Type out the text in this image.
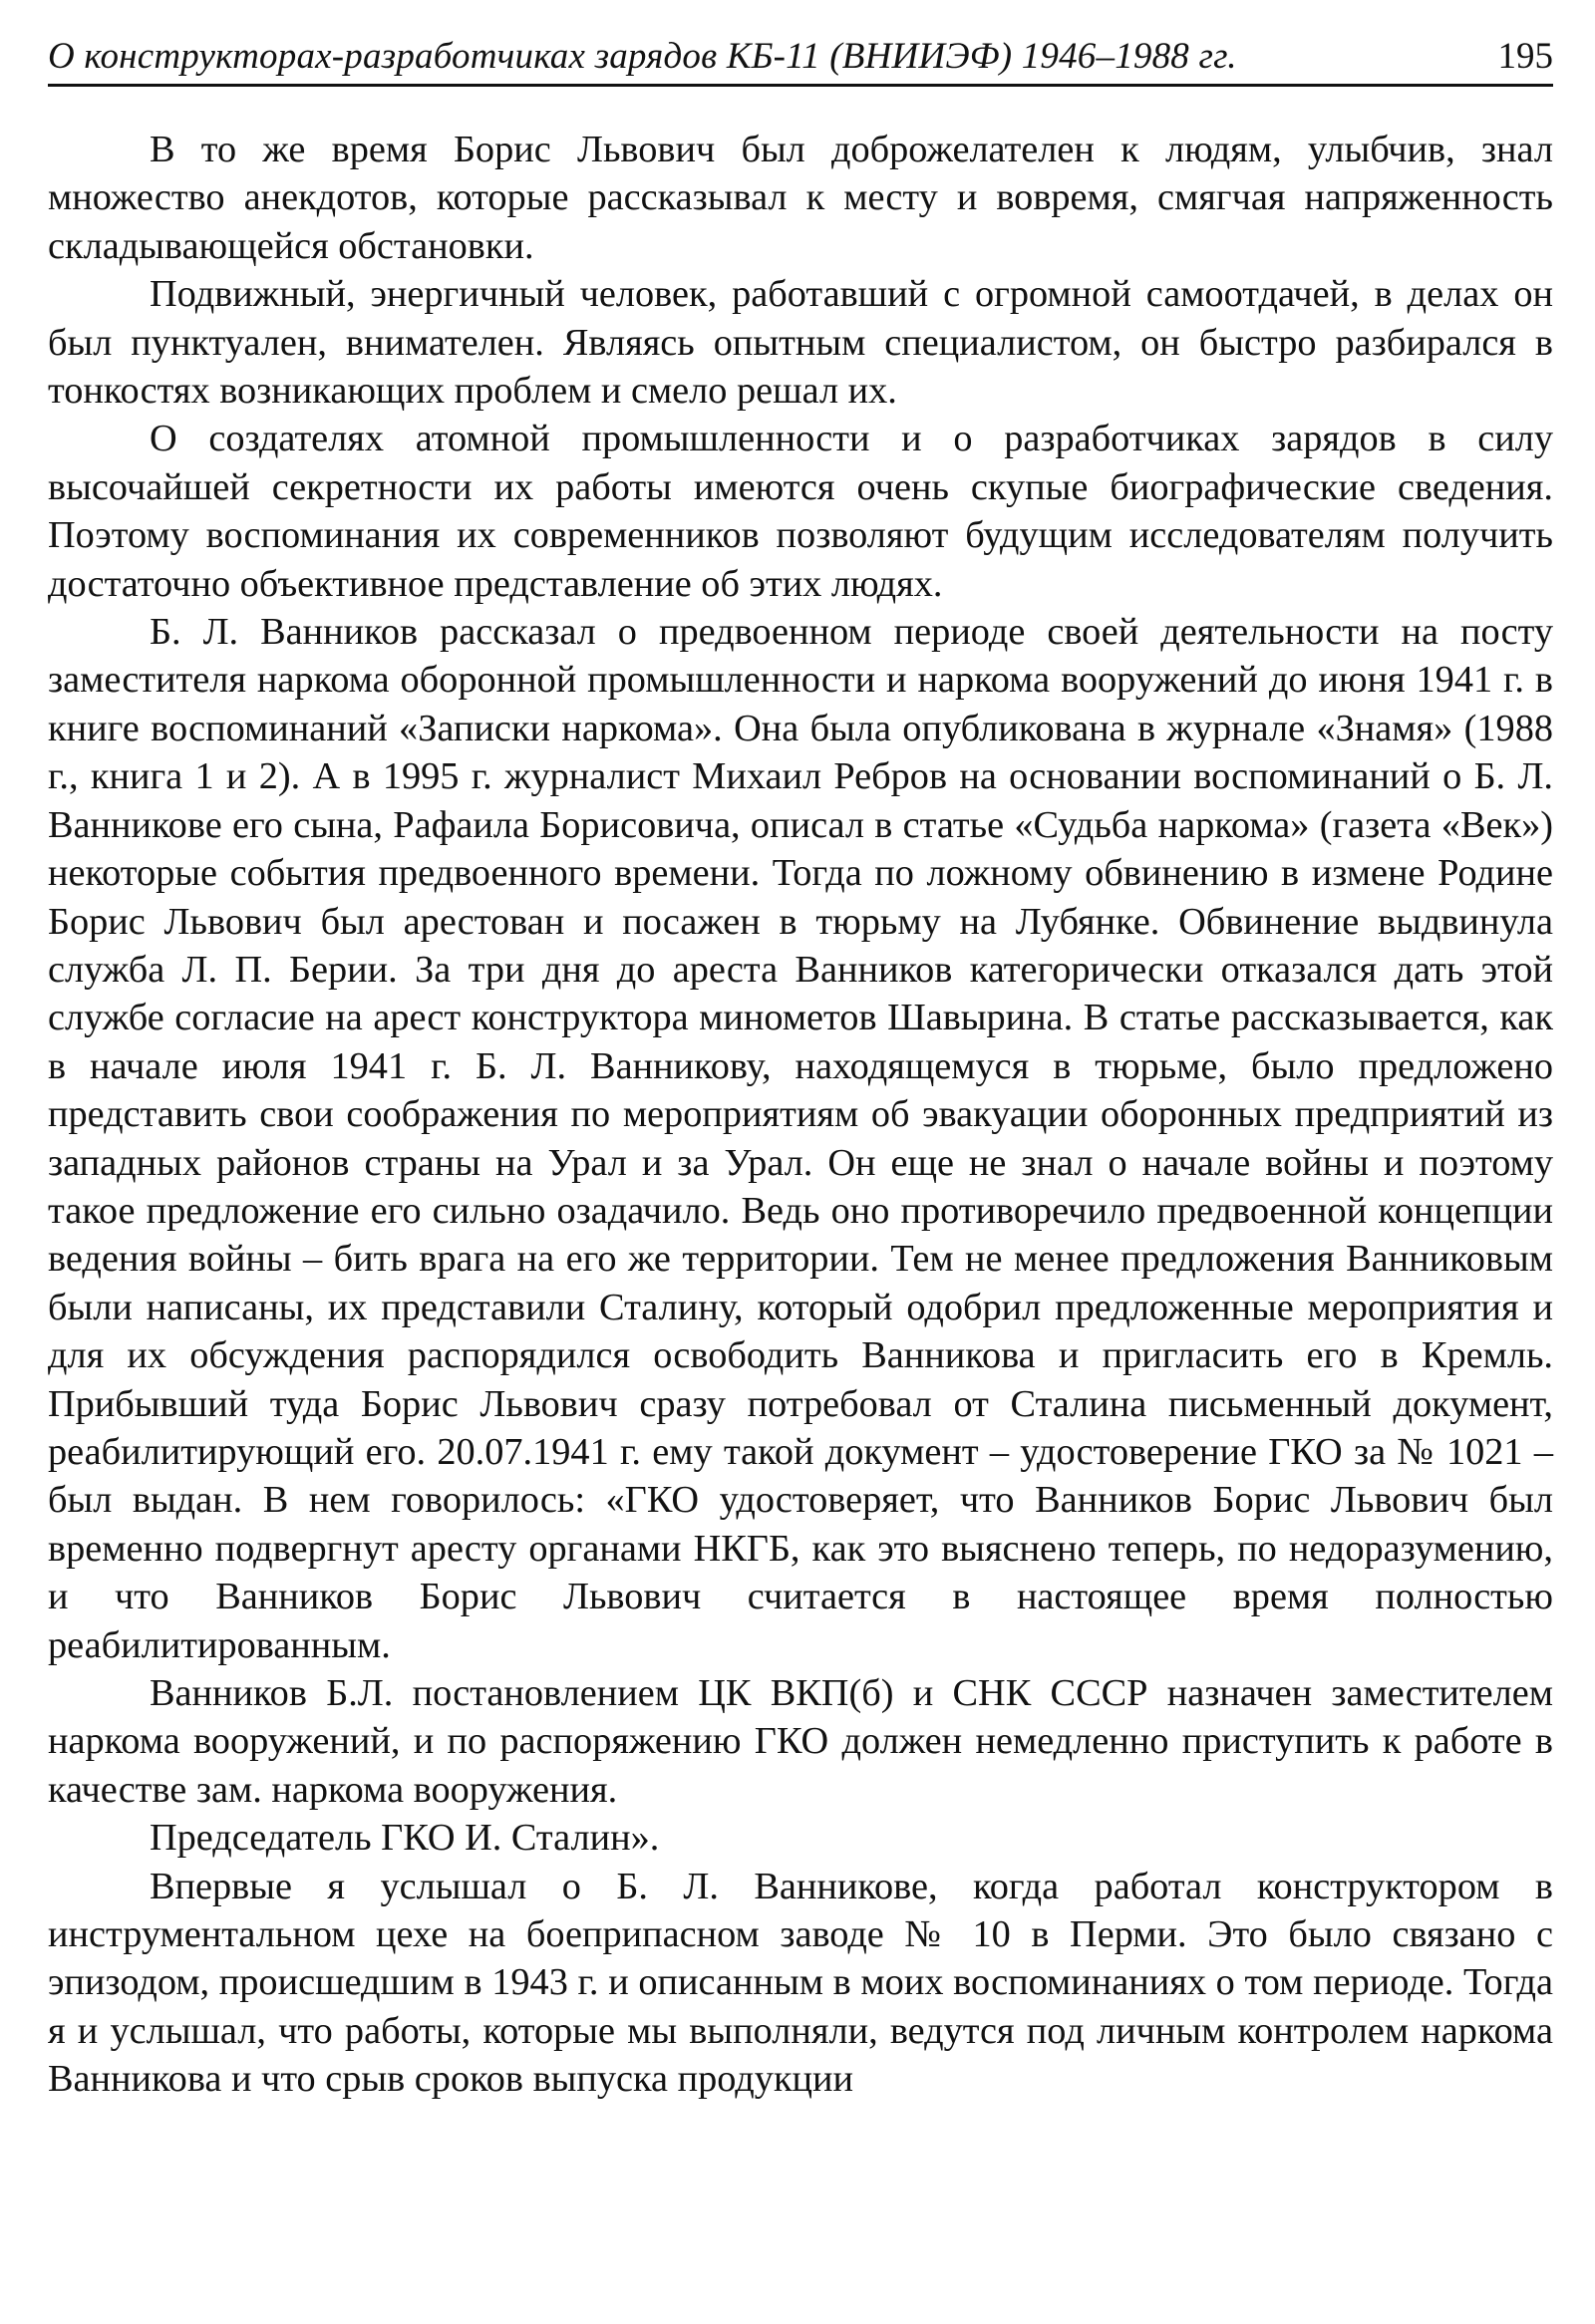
О конструкторах-разработчиках зарядов КБ-11 (ВНИИЭФ) 1946–1988 гг.	195

В то же время Борис Львович был доброжелателен к людям, улыбчив, знал множество анекдотов, которые рассказывал к месту и вовремя, смягчая напряженность складывающейся обстановки.

Подвижный, энергичный человек, работавший с огромной самоотдачей, в делах он был пунктуален, внимателен. Являясь опытным специалистом, он быстро разбирался в тонкостях возникающих проблем и смело решал их.

О создателях атомной промышленности и о разработчиках зарядов в силу высочайшей секретности их работы имеются очень скупые биографические сведения. Поэтому воспоминания их современников позволяют будущим исследователям получить достаточно объективное представление об этих людях.

Б. Л. Ванников рассказал о предвоенном периоде своей деятельности на посту заместителя наркома оборонной промышленности и наркома вооружений до июня 1941 г. в книге воспоминаний «Записки наркома». Она была опубликована в журнале «Знамя» (1988 г., книга 1 и 2). А в 1995 г. журналист Михаил Ребров на основании воспоминаний о Б. Л. Ванникове его сына, Рафаила Борисовича, описал в статье «Судьба наркома» (газета «Век») некоторые события предвоенного времени. Тогда по ложному обвинению в измене Родине Борис Львович был арестован и посажен в тюрьму на Лубянке. Обвинение выдвинула служба Л. П. Берии. За три дня до ареста Ванников категорически отказался дать этой службе согласие на арест конструктора минометов Шавырина. В статье рассказывается, как в начале июля 1941 г. Б. Л. Ванникову, находящемуся в тюрьме, было предложено представить свои соображения по мероприятиям об эвакуации оборонных предприятий из западных районов страны на Урал и за Урал. Он еще не знал о начале войны и поэтому такое предложение его сильно озадачило. Ведь оно противоречило предвоенной концепции ведения войны – бить врага на его же территории. Тем не менее предложения Ванниковым были написаны, их представили Сталину, который одобрил предложенные мероприятия и для их обсуждения распорядился освободить Ванникова и пригласить его в Кремль. Прибывший туда Борис Львович сразу потребовал от Сталина письменный документ, реабилитирующий его. 20.07.1941 г. ему такой документ – удостоверение ГКО за № 1021 – был выдан. В нем говорилось: «ГКО удостоверяет, что Ванников Борис Львович был временно подвергнут аресту органами НКГБ, как это выяснено теперь, по недоразумению, и что Ванников Борис Львович считается в настоящее время полностью реабилитированным.

Ванников Б.Л. постановлением ЦК ВКП(б) и СНК СССР назначен заместителем наркома вооружений, и по распоряжению ГКО должен немедленно приступить к работе в качестве зам. наркома вооружения.

Председатель ГКО И. Сталин».

Впервые я услышал о Б. Л. Ванникове, когда работал конструктором в инструментальном цехе на боеприпасном заводе № 10 в Перми. Это было связано с эпизодом, происшедшим в 1943 г. и описанным в моих воспоминаниях о том периоде. Тогда я и услышал, что работы, которые мы выполняли, ведутся под личным контролем наркома Ванникова и что срыв сроков выпуска продукции
